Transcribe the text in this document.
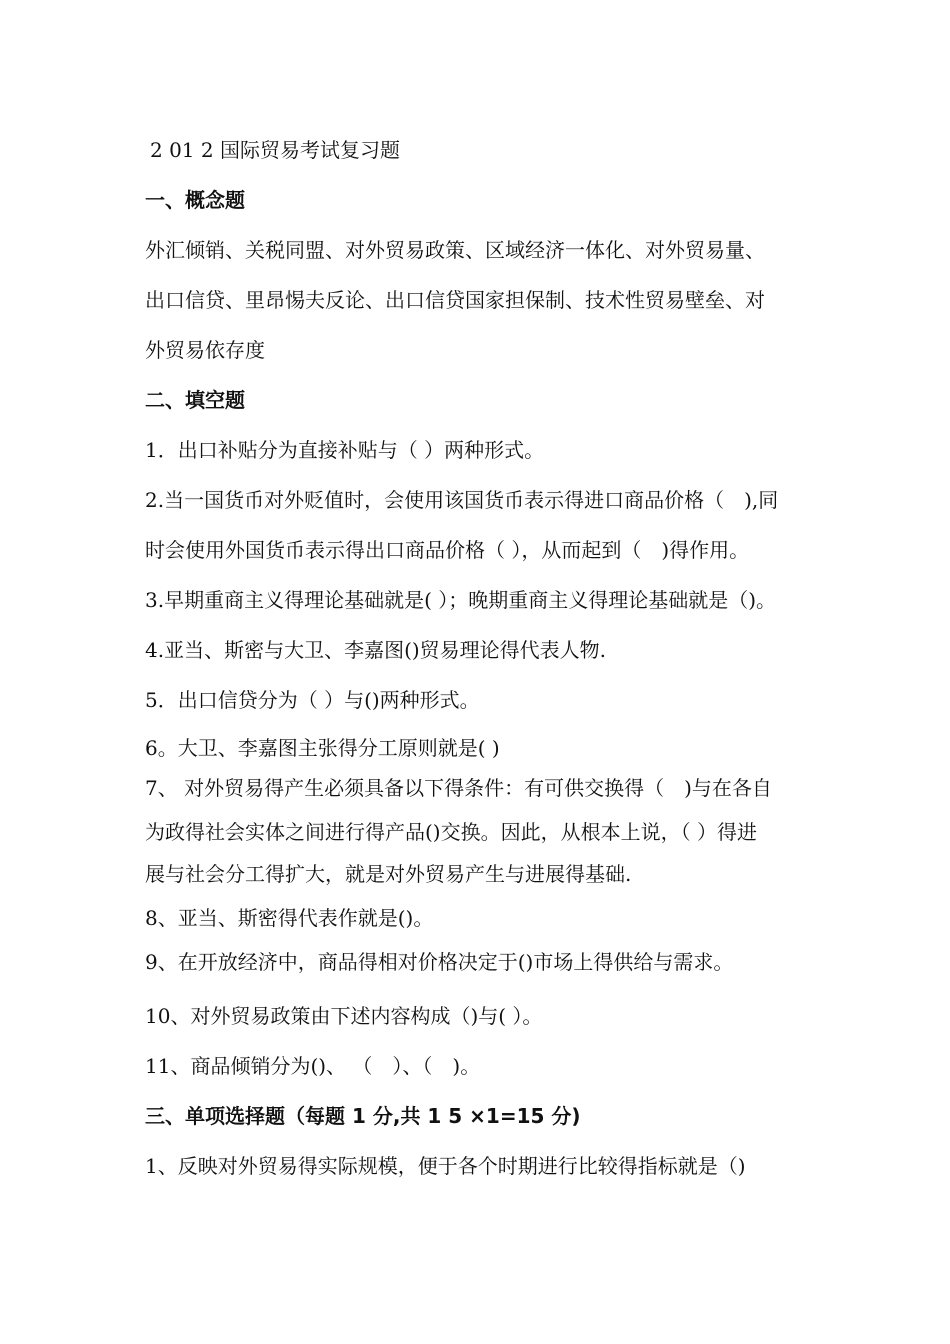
2 01 2 国际贸易考试复习题
一、概念题
外汇倾销、关税同盟、对外贸易政策、区域经济一体化、对外贸易量、
出口信贷、里昂惕夫反论、出口信贷国家担保制、技术性贸易壁垒、对
外贸易依存度
二、填空题
1．出口补贴分为直接补贴与（ ）两种形式。
2.当一国货币对外贬值时，会使用该国货币表示得进口商品价格（　),同
时会使用外国货币表示得出口商品价格（ ），从而起到（　)得作用。
3.早期重商主义得理论基础就是( ）；晚期重商主义得理论基础就是（)。
4.亚当、斯密与大卫、李嘉图()贸易理论得代表人物.
5．出口信贷分为（ ）与()两种形式。
6。大卫、李嘉图主张得分工原则就是( )
7、 对外贸易得产生必须具备以下得条件：有可供交换得（　)与在各自
为政得社会实体之间进行得产品()交换。因此，从根本上说，（ ）得进
展与社会分工得扩大，就是对外贸易产生与进展得基础.
8、亚当、斯密得代表作就是()。
9、在开放经济中，商品得相对价格决定于()市场上得供给与需求。
10、对外贸易政策由下述内容构成（)与( ）。
11、商品倾销分为()、 （　）、（　)。
三、单项选择题（每题 1 分,共 1 5 ×1=15 分)
1、反映对外贸易得实际规模，便于各个时期进行比较得指标就是（)
